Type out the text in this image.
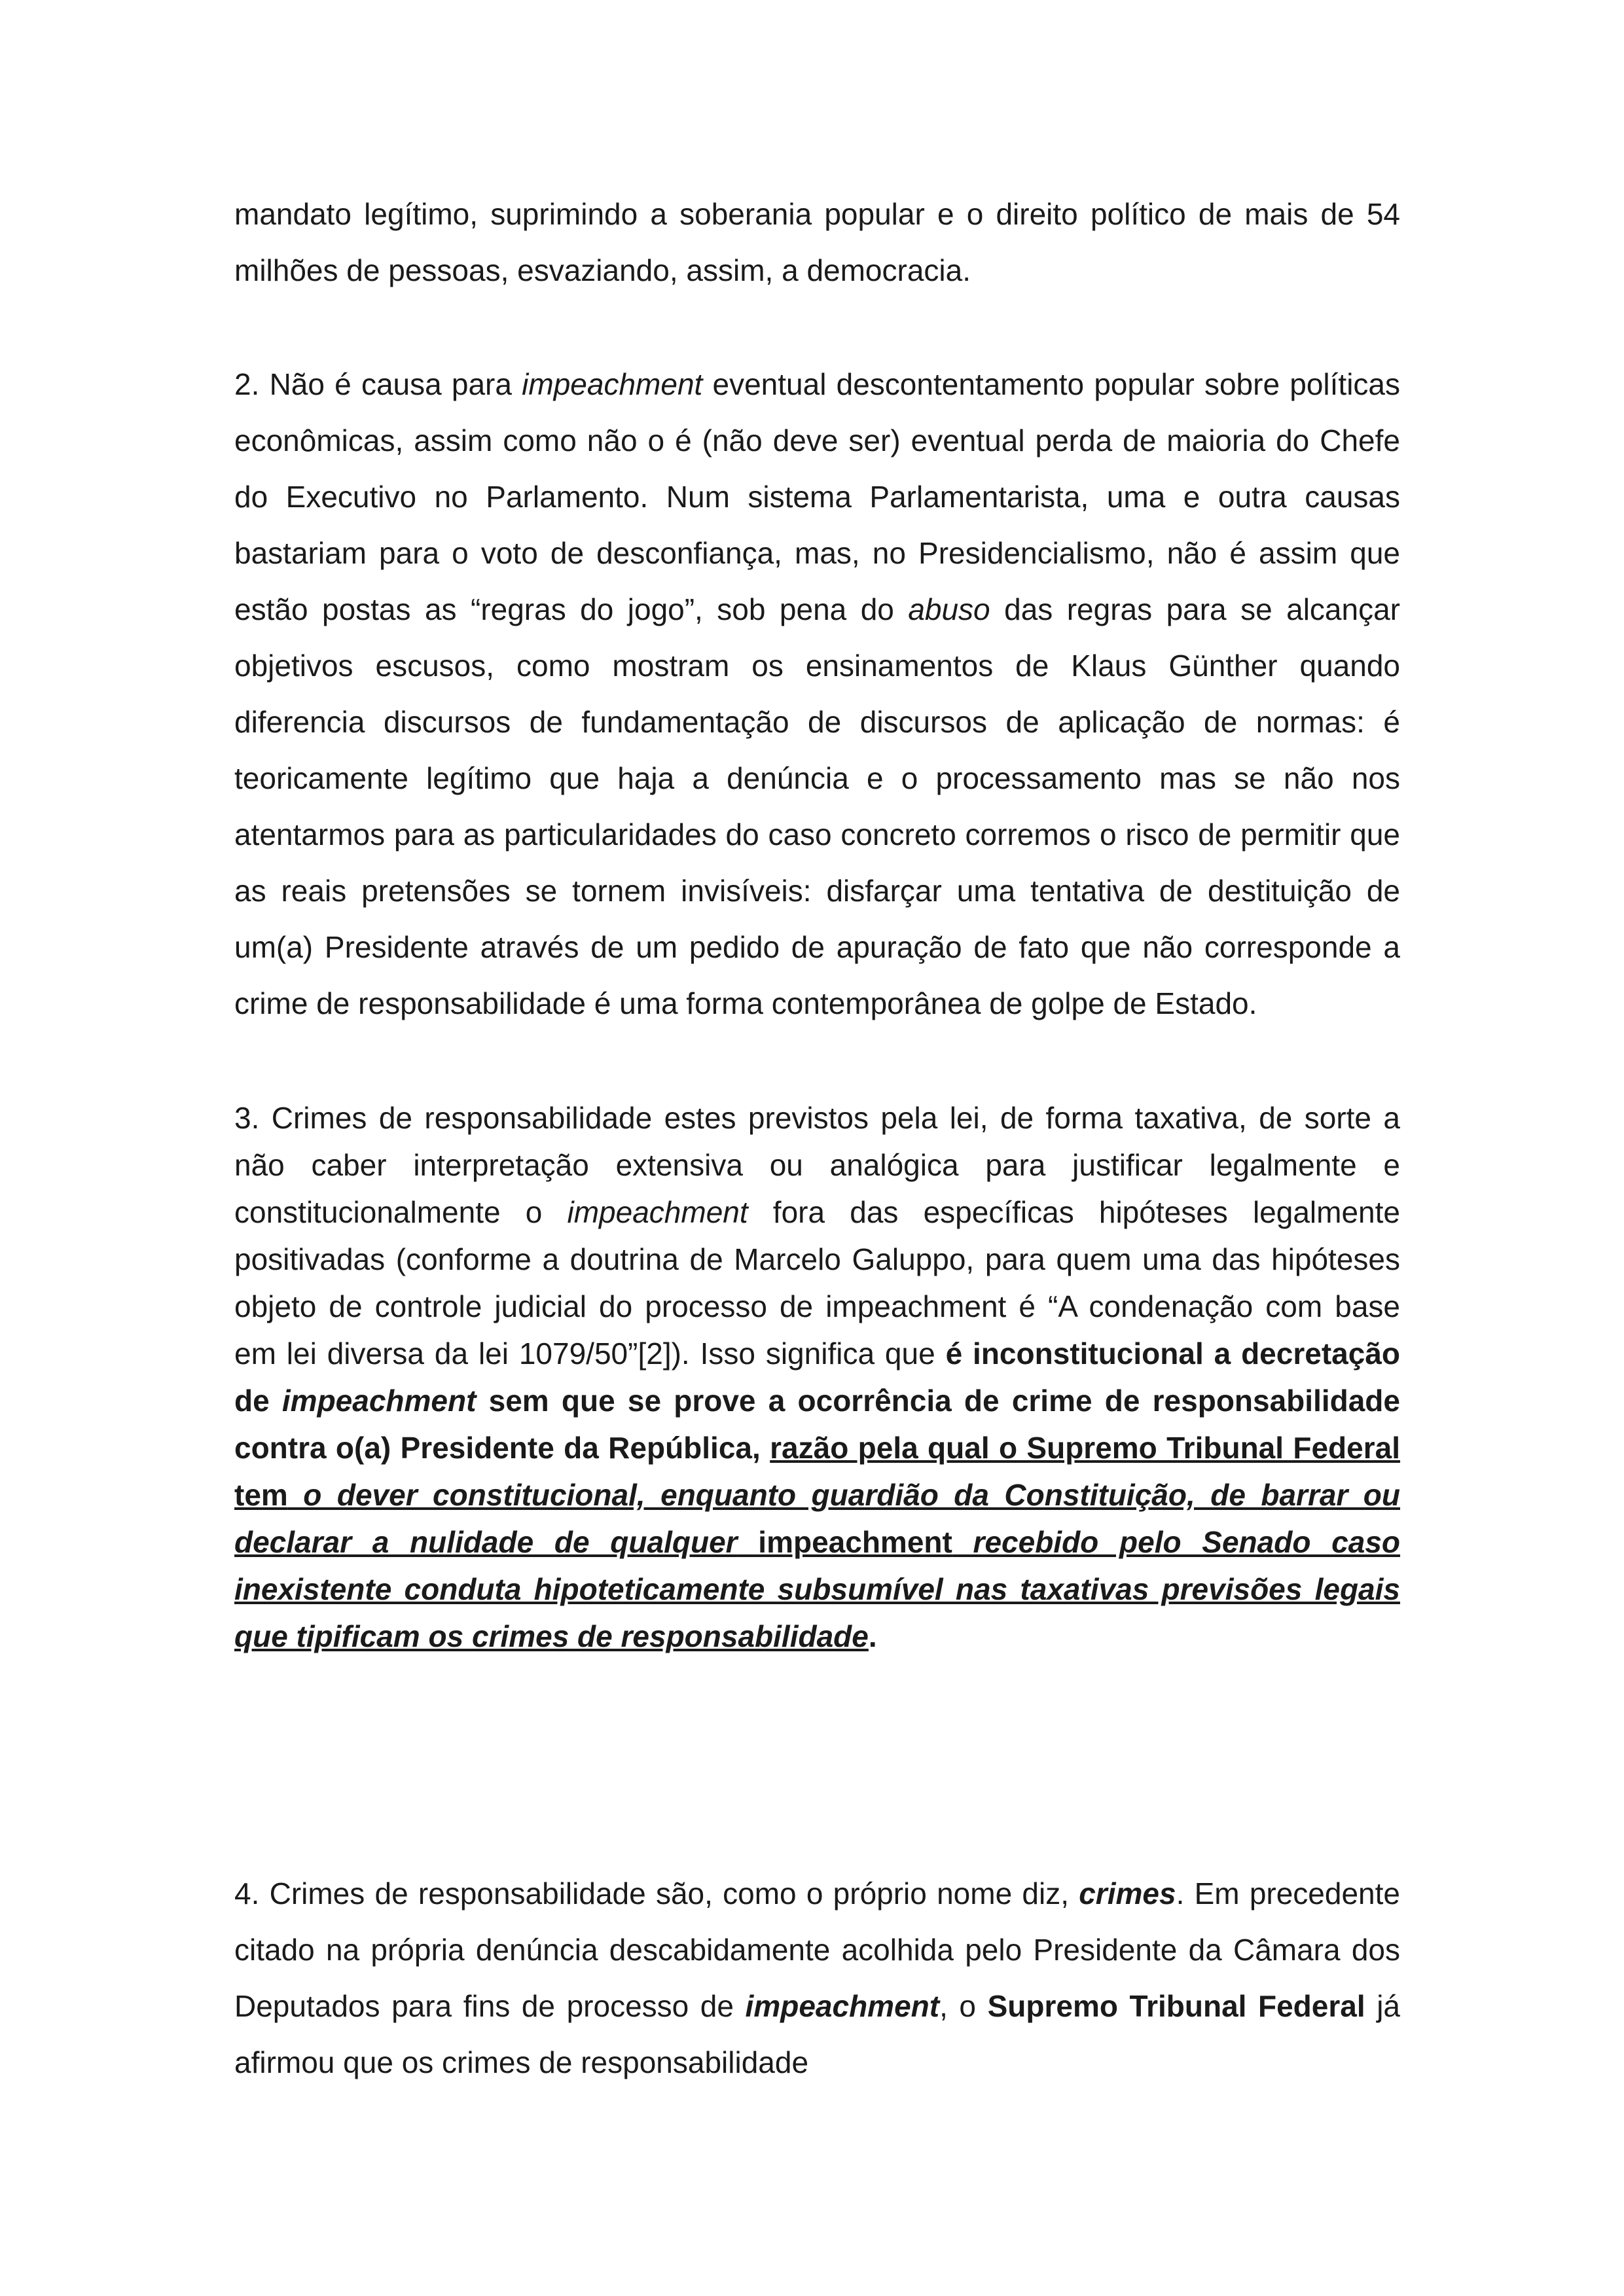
mandato legítimo, suprimindo a soberania popular e o direito político de mais de 54 milhões de pessoas, esvaziando, assim, a democracia.

2. Não é causa para impeachment eventual descontentamento popular sobre políticas econômicas, assim como não o é (não deve ser) eventual perda de maioria do Chefe do Executivo no Parlamento. Num sistema Parlamentarista, uma e outra causas bastariam para o voto de desconfiança, mas, no Presidencialismo, não é assim que estão postas as “regras do jogo”, sob pena do abuso das regras para se alcançar objetivos escusos, como mostram os ensinamentos de Klaus Günther quando diferencia discursos de fundamentação de discursos de aplicação de normas: é teoricamente legítimo que haja a denúncia e o processamento mas se não nos atentarmos para as particularidades do caso concreto corremos o risco de permitir que as reais pretensões se tornem invisíveis: disfarçar uma tentativa de destituição de um(a) Presidente através de um pedido de apuração de fato que não corresponde a crime de responsabilidade é uma forma contemporânea de golpe de Estado.

3. Crimes de responsabilidade estes previstos pela lei, de forma taxativa, de sorte a não caber interpretação extensiva ou analógica para justificar legalmente e constitucionalmente o impeachment fora das específicas hipóteses legalmente positivadas (conforme a doutrina de Marcelo Galuppo, para quem uma das hipóteses objeto de controle judicial do processo de impeachment é “A condenação com base em lei diversa da lei 1079/50”[2]). Isso significa que é inconstitucional a decretação de impeachment sem que se prove a ocorrência de crime de responsabilidade contra o(a) Presidente da República, razão pela qual o Supremo Tribunal Federal tem o dever constitucional, enquanto guardião da Constituição, de barrar ou declarar a nulidade de qualquer impeachment recebido pelo Senado caso inexistente conduta hipoteticamente subsumível nas taxativas previsões legais que tipificam os crimes de responsabilidade.

4. Crimes de responsabilidade são, como o próprio nome diz, crimes. Em precedente citado na própria denúncia descabidamente acolhida pelo Presidente da Câmara dos Deputados para fins de processo de impeachment, o Supremo Tribunal Federal já afirmou que os crimes de responsabilidade
